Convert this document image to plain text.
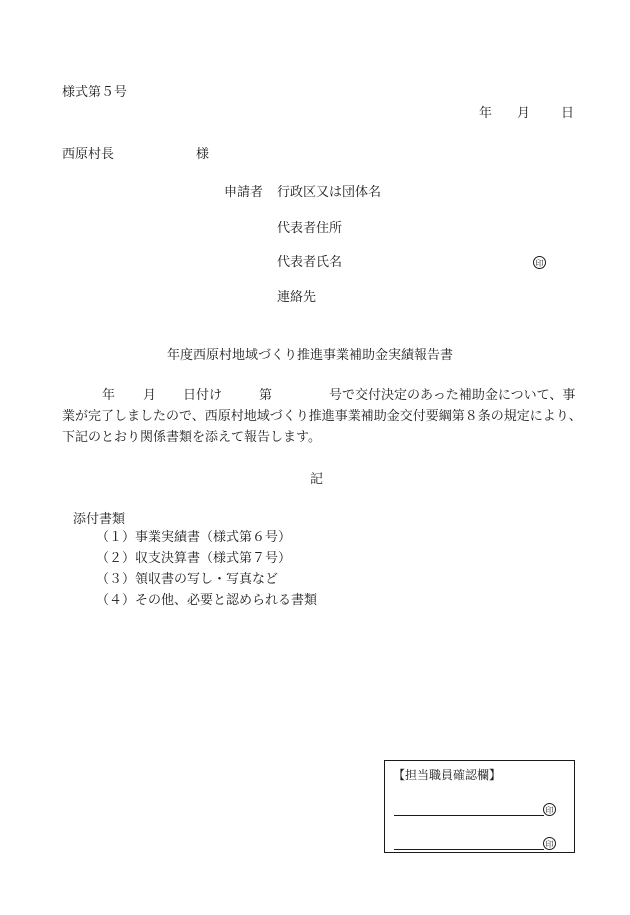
様式第５号
年 月 日
西原村長	様
申請者 行政区又は団体名
代表者住所
代表者氏名	印
連絡先
年度西原村地域づくり推進事業補助金実績報告書
年 月 日付け	第	号で交付決定のあった補助金について、事
業が完了しましたので、西原村地域づくり推進事業補助金交付要綱第８条の規定により、
下記のとおり関係書類を添えて報告します。
記
添付書類
（１）事業実績書（様式第６号）
（２）収支決算書（様式第７号）
（３）領収書の写し・写真など
（４）その他、必要と認められる書類
【担当職員確認欄】
印
印
